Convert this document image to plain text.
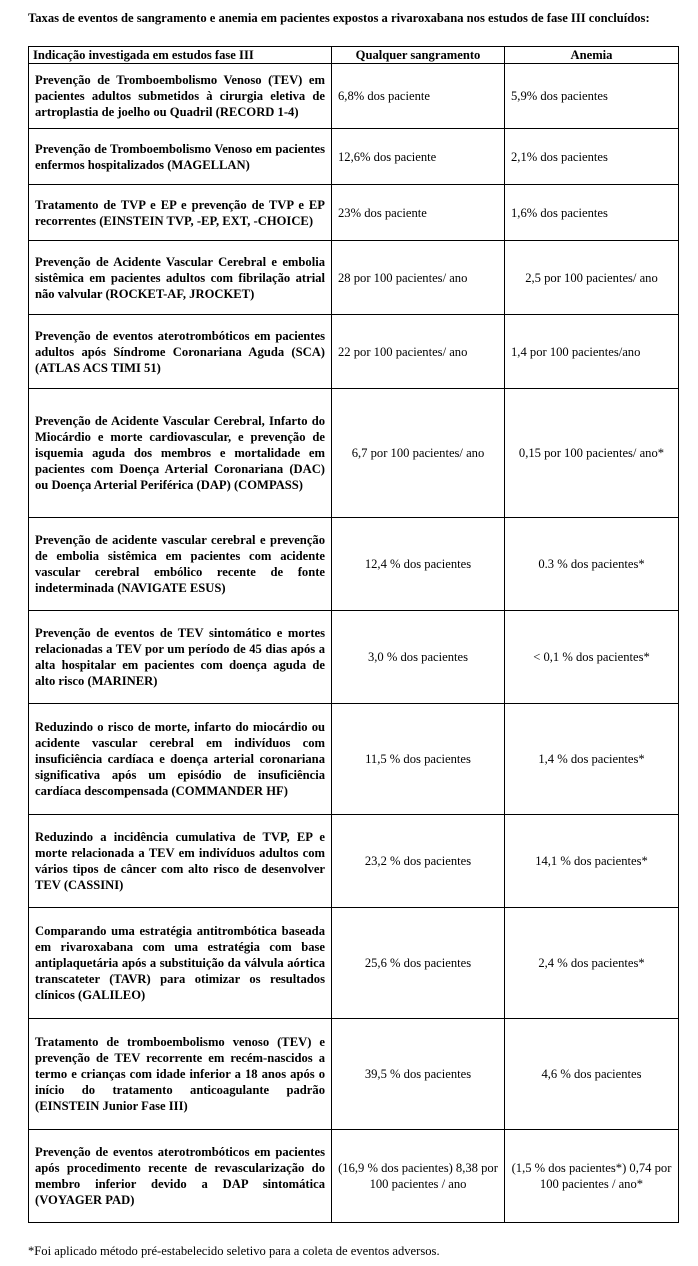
Taxas de eventos de sangramento e anemia em pacientes expostos a rivaroxabana nos estudos de fase III concluídos:
Indicação investigada em estudos fase III	Qualquer sangramento	Anemia
Prevenção de Tromboembolismo Venoso (TEV) em pacientes adultos submetidos à cirurgia eletiva de artroplastia de joelho ou Quadril (RECORD 1-4)	6,8% dos paciente	5,9% dos pacientes
Prevenção de Tromboembolismo Venoso em pacientes enfermos hospitalizados (MAGELLAN)	12,6% dos paciente	2,1% dos pacientes
Tratamento de TVP e EP e prevenção de TVP e EP recorrentes (EINSTEIN TVP, -EP, EXT, -CHOICE)	23% dos paciente	1,6% dos pacientes
Prevenção de Acidente Vascular Cerebral e embolia sistêmica em pacientes adultos com fibrilação atrial não valvular (ROCKET-AF, JROCKET)	28 por 100 pacientes/ ano	2,5 por 100 pacientes/ ano
Prevenção de eventos aterotrombóticos em pacientes adultos após Síndrome Coronariana Aguda (SCA) (ATLAS ACS TIMI 51)	22 por 100 pacientes/ ano	1,4 por 100 pacientes/ano
Prevenção de Acidente Vascular Cerebral, Infarto do Miocárdio e morte cardiovascular, e prevenção de isquemia aguda dos membros e mortalidade em pacientes com Doença Arterial Coronariana (DAC) ou Doença Arterial Periférica (DAP) (COMPASS)	6,7 por 100 pacientes/ ano	0,15 por 100 pacientes/ ano*
Prevenção de acidente vascular cerebral e prevenção de embolia sistêmica em pacientes com acidente vascular cerebral embólico recente de fonte indeterminada (NAVIGATE ESUS)	12,4 % dos pacientes	0.3 % dos pacientes*
Prevenção de eventos de TEV sintomático e mortes relacionadas a TEV por um período de 45 dias após a alta hospitalar em pacientes com doença aguda de alto risco (MARINER)	3,0 % dos pacientes	< 0,1 % dos pacientes*
Reduzindo o risco de morte, infarto do miocárdio ou acidente vascular cerebral em indivíduos com insuficiência cardíaca e doença arterial coronariana significativa após um episódio de insuficiência cardíaca descompensada (COMMANDER HF)	11,5 % dos pacientes	1,4 % dos pacientes*
Reduzindo a incidência cumulativa de TVP, EP e morte relacionada a TEV em indivíduos adultos com vários tipos de câncer com alto risco de desenvolver TEV (CASSINI)	23,2 % dos pacientes	14,1 % dos pacientes*
Comparando uma estratégia antitrombótica baseada em rivaroxabana com uma estratégia com base antiplaquetária após a substituição da válvula aórtica transcateter (TAVR) para otimizar os resultados clínicos (GALILEO)	25,6 % dos pacientes	2,4 % dos pacientes*
Tratamento de tromboembolismo venoso (TEV) e prevenção de TEV recorrente em recém-nascidos a termo e crianças com idade inferior a 18 anos após o início do tratamento anticoagulante padrão (EINSTEIN Junior Fase III)	39,5 % dos pacientes	4,6 % dos pacientes
Prevenção de eventos aterotrombóticos em pacientes após procedimento recente de revascularização do membro inferior devido a DAP sintomática (VOYAGER PAD)	(16,9 % dos pacientes) 8,38 por 100 pacientes / ano	(1,5 % dos pacientes*) 0,74 por 100 pacientes / ano*
*Foi aplicado método pré-estabelecido seletivo para a coleta de eventos adversos.
